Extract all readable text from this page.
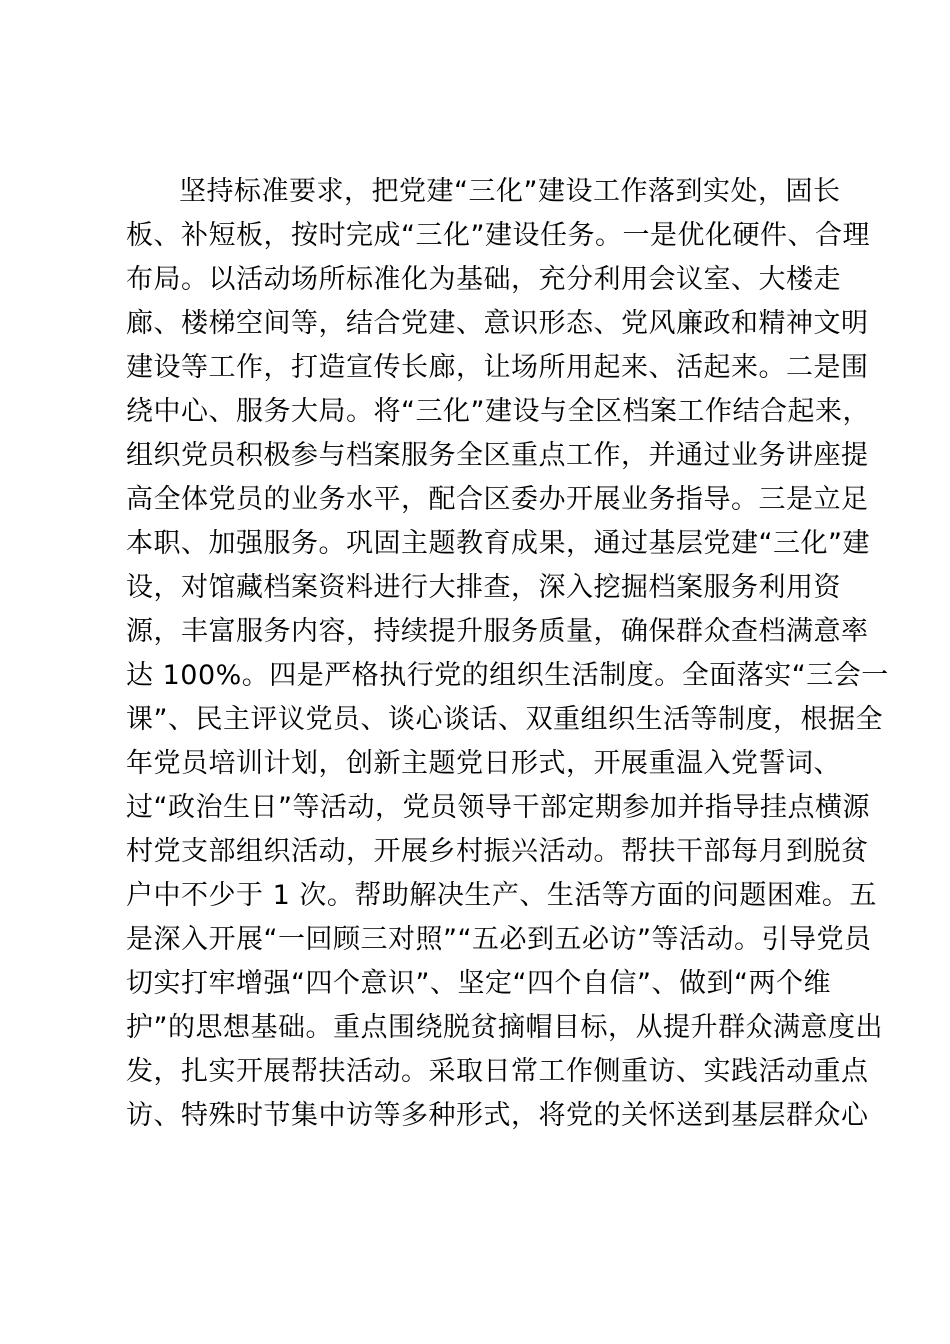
坚持标准要求，把党建“三化”建设工作落到实处，固长
板、补短板，按时完成“三化”建设任务。一是优化硬件、合理
布局。以活动场所标准化为基础，充分利用会议室、大楼走
廊、楼梯空间等，结合党建、意识形态、党风廉政和精神文明
建设等工作，打造宣传长廊，让场所用起来、活起来。二是围
绕中心、服务大局。将“三化”建设与全区档案工作结合起来，
组织党员积极参与档案服务全区重点工作，并通过业务讲座提
高全体党员的业务水平，配合区委办开展业务指导。三是立足
本职、加强服务。巩固主题教育成果，通过基层党建“三化”建
设，对馆藏档案资料进行大排查，深入挖掘档案服务利用资
源，丰富服务内容，持续提升服务质量，确保群众查档满意率
达 100%。四是严格执行党的组织生活制度。全面落实“三会一
课”、民主评议党员、谈心谈话、双重组织生活等制度，根据全
年党员培训计划，创新主题党日形式，开展重温入党誓词、
过“政治生日”等活动，党员领导干部定期参加并指导挂点横源
村党支部组织活动，开展乡村振兴活动。帮扶干部每月到脱贫
户中不少于 1 次。帮助解决生产、生活等方面的问题困难。五
是深入开展“一回顾三对照”“五必到五必访”等活动。引导党员
切实打牢增强“四个意识”、坚定“四个自信”、做到“两个维
护”的思想基础。重点围绕脱贫摘帽目标，从提升群众满意度出
发，扎实开展帮扶活动。采取日常工作侧重访、实践活动重点
访、特殊时节集中访等多种形式，将党的关怀送到基层群众心
